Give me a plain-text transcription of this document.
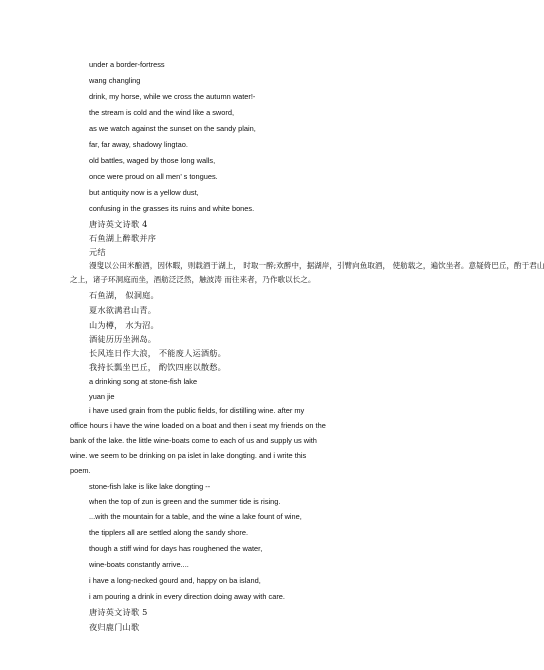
under a border-fortress
wang changling
drink, my horse, while we cross the autumn water!-
the stream is cold and the wind like a sword,
as we watch against the sunset on the sandy plain,
far, far away, shadowy lingtao.
old battles, waged by those long walls,
once were proud on all men’ s tongues.
but antiquity now is a yellow dust,
confusing in the grasses its ruins and white bones.
唐诗英文诗歌 4
石鱼湖上醉歌并序
元结
漫叟以公田米酿酒，因休暇，则载酒于湖上， 时取一醉;欢醉中，据湖岸，引臂向鱼取酒， 使舫载之，遍饮坐者。意疑倚巴丘，酌于君山
之上，诸子环洞庭而坐，酒舫泛泛然，触波涛 而往来者，乃作歌以长之。
石鱼湖， 似洞庭。
夏水欲满君山青。
山为樽， 水为沼。
酒徒历历坐洲岛。
长风连日作大浪， 不能废人运酒舫。
我持长瓢坐巴丘， 酌饮四座以散愁。
a drinking song at stone-fish lake
yuan jie
i have used grain from the public fields, for distilling wine. after my
office hours i have the wine loaded on a boat and then i seat my friends on the
bank of the lake. the little wine-boats come to each of us and supply us with
wine. we seem to be drinking on pa islet in lake dongting. and i write this
poem.
stone-fish lake is like lake dongting --
when the top of zun is green and the summer tide is rising.
...with the mountain for a table, and the wine a lake fount of wine,
the tipplers all are settled along the sandy shore.
though a stiff wind for days has roughened the water,
wine-boats constantly arrive....
i have a long-necked gourd and, happy on ba island,
i am pouring a drink in every direction doing away with care.
唐诗英文诗歌 5
夜归鹿门山歌
